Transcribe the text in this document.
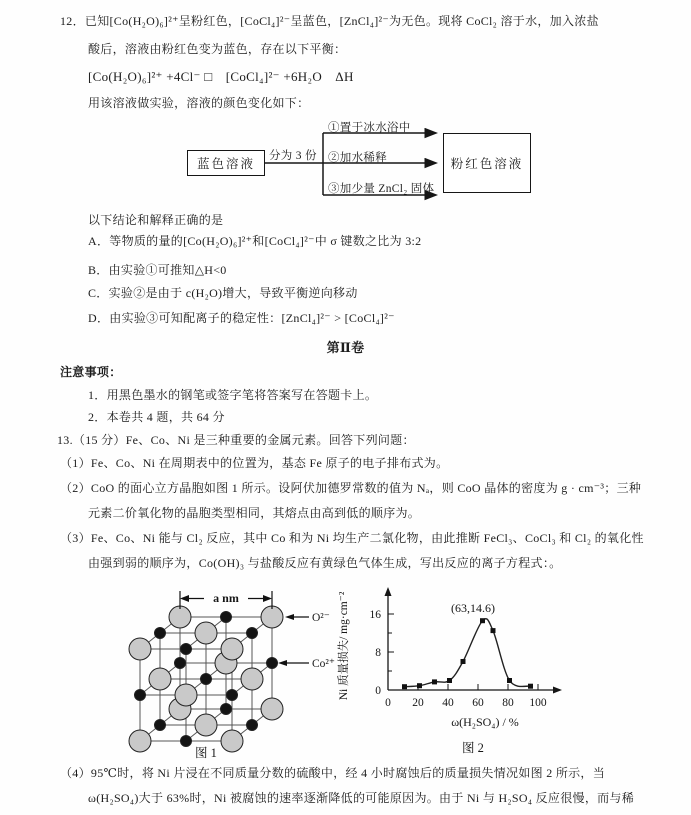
12．已知[Co(H₂O)₆]²⁺呈粉红色，[CoCl₄]²⁻呈蓝色，[ZnCl₄]²⁻为无色。现将 CoCl₂ 溶于水，加入浓盐
酸后，溶液由粉红色变为蓝色，存在以下平衡：
[Co(H₂O)₆]²⁺ +4Cl⁻ □　[CoCl₄]²⁻ +6H₂O　ΔH
用该溶液做实验，溶液的颜色变化如下：
蓝色溶液	粉红色溶液
分为 3 份
①置于冰水浴中
②加水稀释
③加少量 ZnCl₂ 固体
以下结论和解释正确的是
A．等物质的量的[Co(H₂O)₆]²⁺和[CoCl₄]²⁻中 σ 键数之比为 3:2
B．由实验①可推知△H<0
C．实验②是由于 c(H₂O)增大，导致平衡逆向移动
D．由实验③可知配离子的稳定性：[ZnCl₄]²⁻ > [CoCl₄]²⁻
第Ⅱ卷
注意事项：
1．用黑色墨水的钢笔或签字笔将答案写在答题卡上。
2．本卷共 4 题，共 64 分
13.（15 分）Fe、Co、Ni 是三种重要的金属元素。回答下列问题：
（1）Fe、Co、Ni 在周期表中的位置为，基态 Fe 原子的电子排布式为。
（2）CoO 的面心立方晶胞如图 1 所示。设阿伏加德罗常数的值为 Nₐ，则 CoO 晶体的密度为 g · cm⁻³；三种
元素二价氧化物的晶胞类型相同，其熔点由高到低的顺序为。
（3）Fe、Co、Ni 能与 Cl₂ 反应，其中 Co 和为 Ni 均生产二氯化物，由此推断 FeCl₃、CoCl₃ 和 Cl₂ 的氧化性
由强到弱的顺序为，Co(OH)₃ 与盐酸反应有黄绿色气体生成，写出反应的离子方程式：。
a nm
O²⁻
Co²⁺
图 1
0 20 40 60 80 100
0
8
16	(63,14.6)
Ni 质量损失/ mg·cm⁻²
ω(H₂SO₄) / %
图 2
（4）95℃时，将 Ni 片浸在不同质量分数的硫酸中，经 4 小时腐蚀后的质量损失情况如图 2 所示，当
ω(H₂SO₄)大于 63%时，Ni 被腐蚀的速率逐渐降低的可能原因为。由于 Ni 与 H₂SO₄ 反应很慢，而与稀
